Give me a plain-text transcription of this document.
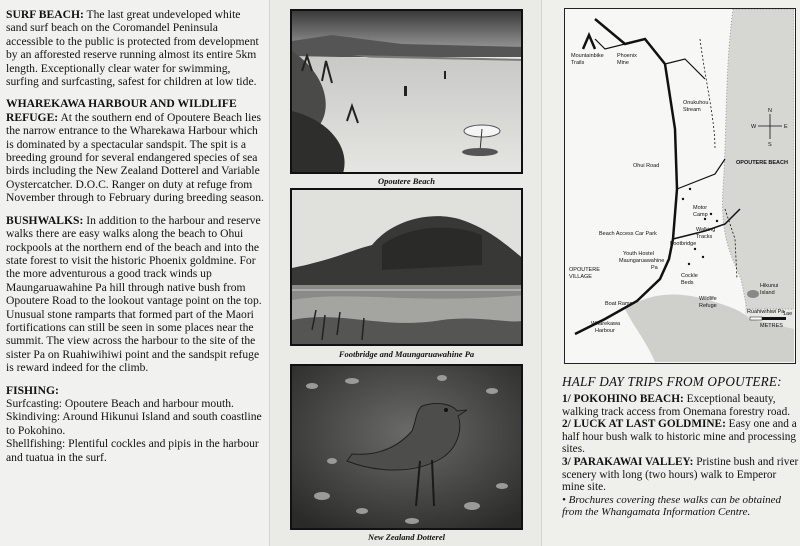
SURF BEACH: The last great undeveloped white sand surf beach on the Coromandel Peninsula accessible to the public is protected from development by an afforested reserve running almost its entire 5km length. Exceptionally clear water for swimming, surfing and surfcasting, safest for children at low tide.

WHAREKAWA HARBOUR AND WILDLIFE REFUGE: At the southern end of Opoutere Beach lies the narrow entrance to the Wharekawa Harbour which is dominated by a spectacular sandspit. The spit is a breeding ground for several endangered species of sea birds including the New Zealand Dotterel and Variable Oystercatcher. D.O.C. Ranger on duty at refuge from November through to February during breeding season.

BUSHWALKS: In addition to the harbour and reserve walks there are easy walks along the beach to Ohui rockpools at the northern end of the beach and into the state forest to visit the historic Phoenix goldmine. For the more adventurous a good track winds up Maungaruawahine Pa hill through native bush from Opoutere Road to the lookout vantage point on the top. Unusual stone ramparts that formed part of the Maori fortifications can still be seen in some places near the summit. The view across the harbour to the site of the sister Pa on Ruahiwihiwi point and the sandspit refuge is reward indeed for the climb.

FISHING:
Surfcasting: Opoutere Beach and harbour mouth.
Skindiving: Around Hikunui Island and south coastline to Pokohino.
Shellfishing: Plentiful cockles and pipis in the harbour and tuatua in the surf.
Opoutere Beach
Footbridge and Maungaruawahine Pa
New Zealand Dotterel
Mountainbike
Trails
Phoenix
Mine
Onukuhou
Stream
Ohui Road	OPOUTERE BEACH
Motor
Camp
Walking
Tracks
Footbridge
Beach Access Car Park
Youth Hostel
Maungaruawahine
Pa
OPOUTERE
VILLAGE	Cockle
Beds	Hikunui
Island
Boat Ramp
Wildlife
Refuge
Ruahiwihiwi Pa
1ae
METRES
Wharekawa
Harbour
N
W	E
S
HALF DAY TRIPS FROM OPOUTERE:

1/ POKOHINO BEACH: Exceptional beauty, walking track access from Onemana forestry road.

2/ LUCK AT LAST GOLDMINE: Easy one and a half hour bush walk to historic mine and processing sites.

3/ PARAKAWAI VALLEY: Pristine bush and river scenery with long (two hours) walk to Emperor mine site.

• Brochures covering these walks can be obtained from the Whangamata Information Centre.
